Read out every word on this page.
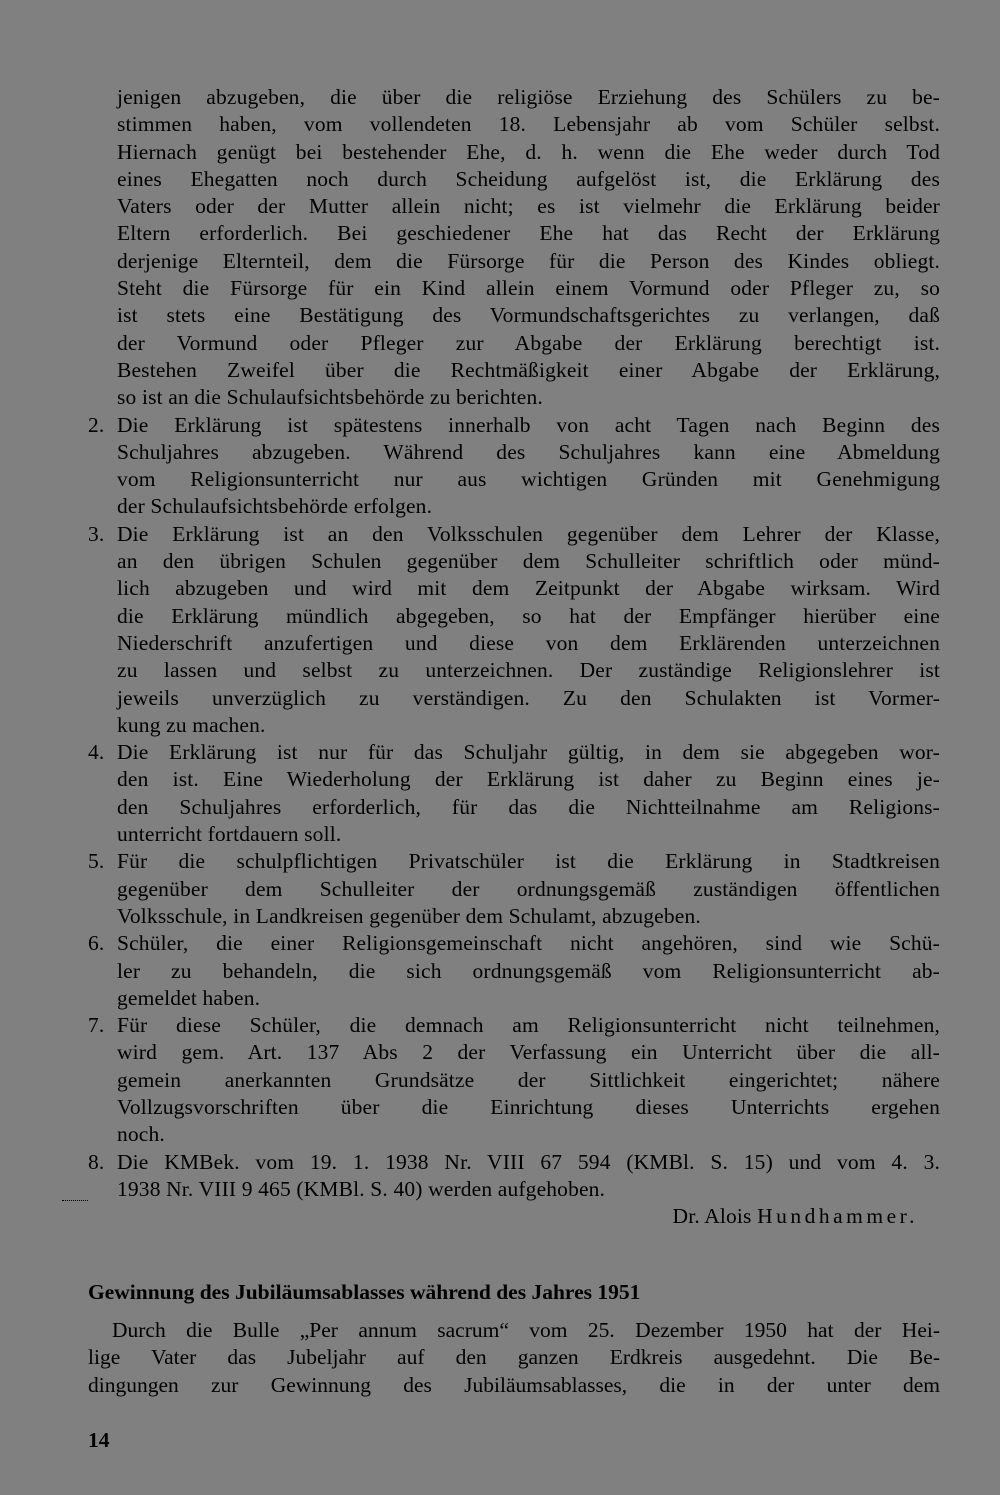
jenigen abzugeben, die über die religiöse Erziehung des Schülers zu be-
stimmen haben, vom vollendeten 18. Lebensjahr ab vom Schüler selbst.
Hiernach genügt bei bestehender Ehe, d. h. wenn die Ehe weder durch Tod
eines Ehegatten noch durch Scheidung aufgelöst ist, die Erklärung des
Vaters oder der Mutter allein nicht; es ist vielmehr die Erklärung beider
Eltern erforderlich. Bei geschiedener Ehe hat das Recht der Erklärung
derjenige Elternteil, dem die Fürsorge für die Person des Kindes obliegt.
Steht die Fürsorge für ein Kind allein einem Vormund oder Pfleger zu, so
ist stets eine Bestätigung des Vormundschaftsgerichtes zu verlangen, daß
der Vormund oder Pfleger zur Abgabe der Erklärung berechtigt ist.
Bestehen Zweifel über die Rechtmäßigkeit einer Abgabe der Erklärung,
so ist an die Schulaufsichtsbehörde zu berichten.
2. Die Erklärung ist spätestens innerhalb von acht Tagen nach Beginn des
Schuljahres abzugeben. Während des Schuljahres kann eine Abmeldung
vom Religionsunterricht nur aus wichtigen Gründen mit Genehmigung
der Schulaufsichtsbehörde erfolgen.
3. Die Erklärung ist an den Volksschulen gegenüber dem Lehrer der Klasse,
an den übrigen Schulen gegenüber dem Schulleiter schriftlich oder münd-
lich abzugeben und wird mit dem Zeitpunkt der Abgabe wirksam. Wird
die Erklärung mündlich abgegeben, so hat der Empfänger hierüber eine
Niederschrift anzufertigen und diese von dem Erklärenden unterzeichnen
zu lassen und selbst zu unterzeichnen. Der zuständige Religionslehrer ist
jeweils unverzüglich zu verständigen. Zu den Schulakten ist Vormer-
kung zu machen.
4. Die Erklärung ist nur für das Schuljahr gültig, in dem sie abgegeben wor-
den ist. Eine Wiederholung der Erklärung ist daher zu Beginn eines je-
den Schuljahres erforderlich, für das die Nichtteilnahme am Religions-
unterricht fortdauern soll.
5. Für die schulpflichtigen Privatschüler ist die Erklärung in Stadtkreisen
gegenüber dem Schulleiter der ordnungsgemäß zuständigen öffentlichen
Volksschule, in Landkreisen gegenüber dem Schulamt, abzugeben.
6. Schüler, die einer Religionsgemeinschaft nicht angehören, sind wie Schü-
ler zu behandeln, die sich ordnungsgemäß vom Religionsunterricht ab-
gemeldet haben.
7. Für diese Schüler, die demnach am Religionsunterricht nicht teilnehmen,
wird gem. Art. 137 Abs 2 der Verfassung ein Unterricht über die all-
gemein anerkannten Grundsätze der Sittlichkeit eingerichtet; nähere
Vollzugsvorschriften über die Einrichtung dieses Unterrichts ergehen
noch.
8. Die KMBek. vom 19. 1. 1938 Nr. VIII 67 594 (KMBl. S. 15) und vom 4. 3.
1938 Nr. VIII 9 465 (KMBl. S. 40) werden aufgehoben.
Dr. Alois Hundhammer.
Gewinnung des Jubiläumsablasses während des Jahres 1951
Durch die Bulle „Per annum sacrum“ vom 25. Dezember 1950 hat der Hei-
lige Vater das Jubeljahr auf den ganzen Erdkreis ausgedehnt. Die Be-
dingungen zur Gewinnung des Jubiläumsablasses, die in der unter dem
14
